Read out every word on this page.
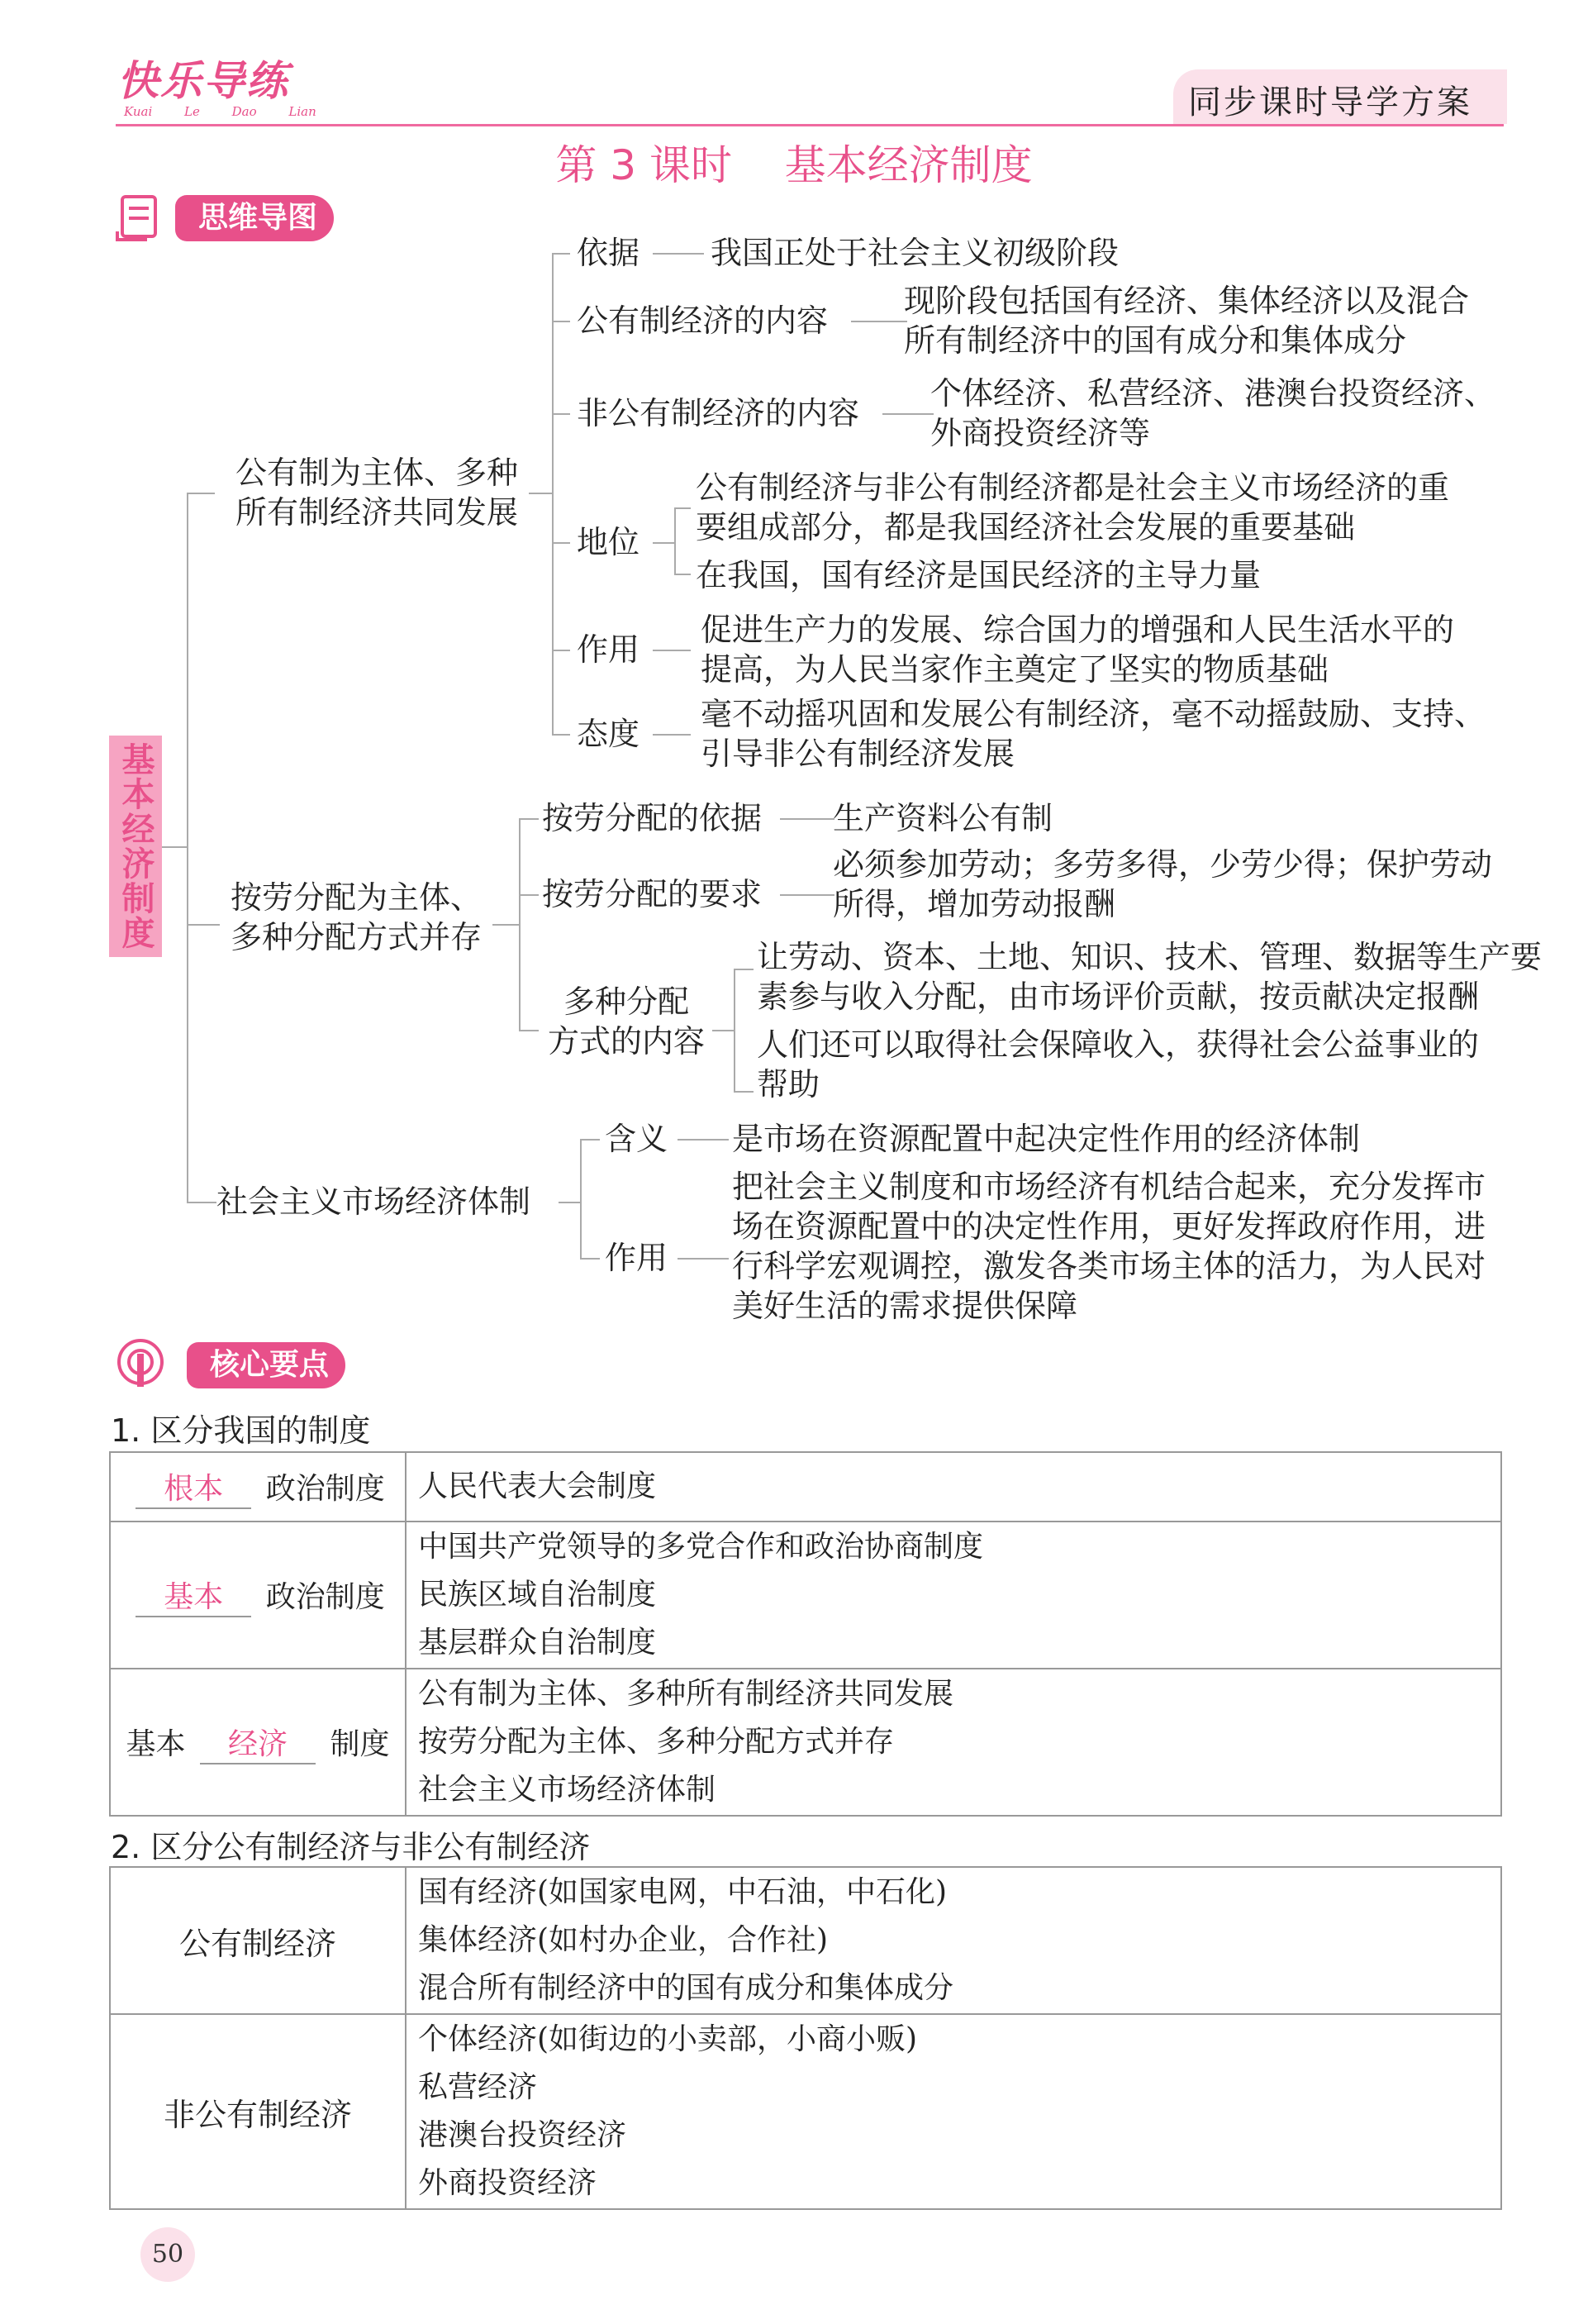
快乐导练
Kuai Le Dao Lian	同步课时导学方案
第 3 课时    基本经济制度
思维导图
基本经济制度
公有制为主体、多种
所有制经济共同发展
依据 我国正处于社会主义初级阶段
公有制经济的内容
现阶段包括国有经济、集体经济以及混合
所有制经济中的国有成分和集体成分
非公有制经济的内容
个体经济、私营经济、港澳台投资经济、
外商投资经济等
地位
公有制经济与非公有制经济都是社会主义市场经济的重
要组成部分，都是我国经济社会发展的重要基础
在我国，国有经济是国民经济的主导力量
作用
促进生产力的发展、综合国力的增强和人民生活水平的
提高，为人民当家作主奠定了坚实的物质基础
态度
毫不动摇巩固和发展公有制经济，毫不动摇鼓励、支持、
引导非公有制经济发展
按劳分配为主体、
多种分配方式并存
按劳分配的依据 生产资料公有制
按劳分配的要求
必须参加劳动；多劳多得，少劳少得；保护劳动
所得，增加劳动报酬
多种分配
方式的内容
让劳动、资本、土地、知识、技术、管理、数据等生产要
素参与收入分配，由市场评价贡献，按贡献决定报酬
人们还可以取得社会保障收入，获得社会公益事业的
帮助
社会主义市场经济体制
含义 是市场在资源配置中起决定性作用的经济体制
作用
把社会主义制度和市场经济有机结合起来，充分发挥市
场在资源配置中的决定性作用，更好发挥政府作用，进
行科学宏观调控，激发各类市场主体的活力，为人民对
美好生活的需求提供保障
核心要点
1. 区分我国的制度
根本 政治制度	人民代表大会制度

基本 政治制度	中国共产党领导的多党合作和政治协商制度
民族区域自治制度
基层群众自治制度

基本 经济 制度	公有制为主体、多种所有制经济共同发展
按劳分配为主体、多种分配方式并存
社会主义市场经济体制
2. 区分公有制经济与非公有制经济
公有制经济	国有经济(如国家电网，中石油，中石化)
集体经济(如村办企业，合作社)
混合所有制经济中的国有成分和集体成分

非公有制经济	个体经济(如街边的小卖部，小商小贩)
私营经济
港澳台投资经济
外商投资经济
50
